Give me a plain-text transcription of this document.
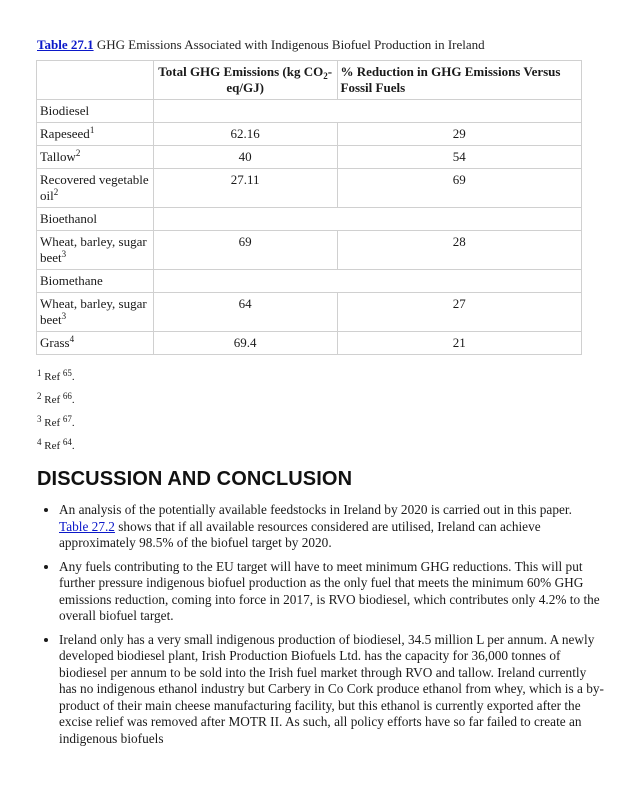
Table 27.1 GHG Emissions Associated with Indigenous Biofuel Production in Ireland
	Total GHG Emissions (kg $CO_2-eq/GJ$)	% Reduction in GHG Emissions Versus Fossil Fuels
Biodiesel		
Rapeseed$^1$	62.16	29
Tallow$^2$	40	54
Recovered vegetable oil$^2$	27.11	69
Bioethanol		
Wheat, barley, sugar beet$^3$	69	28
Biomethane		
Wheat, barley, sugar beet$^3$	64	27
Grass$^4$	69.4	21
$^1$ Ref $^{65}$.
$^2$ Ref $^{66}$.
$^3$ Ref $^{67}$.
$^4$ Ref $^{64}$.
DISCUSSION AND CONCLUSION
• An analysis of the potentially available feedstocks in Ireland by 2020 is carried out in this paper. Table 27.2 shows that if all available resources considered are utilised, Ireland can achieve approximately 98.5% of the biofuel target by 2020.
• Any fuels contributing to the EU target will have to meet minimum GHG reductions. This will put further pressure indigenous biofuel production as the only fuel that meets the minimum 60% GHG emissions reduction, coming into force in 2017, is RVO biodiesel, which contributes only 4.2% to the overall biofuel target.
• Ireland only has a very small indigenous production of biodiesel, 34.5 million L per annum. A newly developed biodiesel plant, Irish Production Biofuels Ltd. has the capacity for 36,000 tonnes of biodiesel per annum to be sold into the Irish fuel market through RVO and tallow. Ireland currently has no indigenous ethanol industry but Carbery in Co Cork produce ethanol from whey, which is a by-product of their main cheese manufacturing facility, but this ethanol is currently exported after the excise relief was removed after MOTR II. As such, all policy efforts have so far failed to create an indigenous biofuels
